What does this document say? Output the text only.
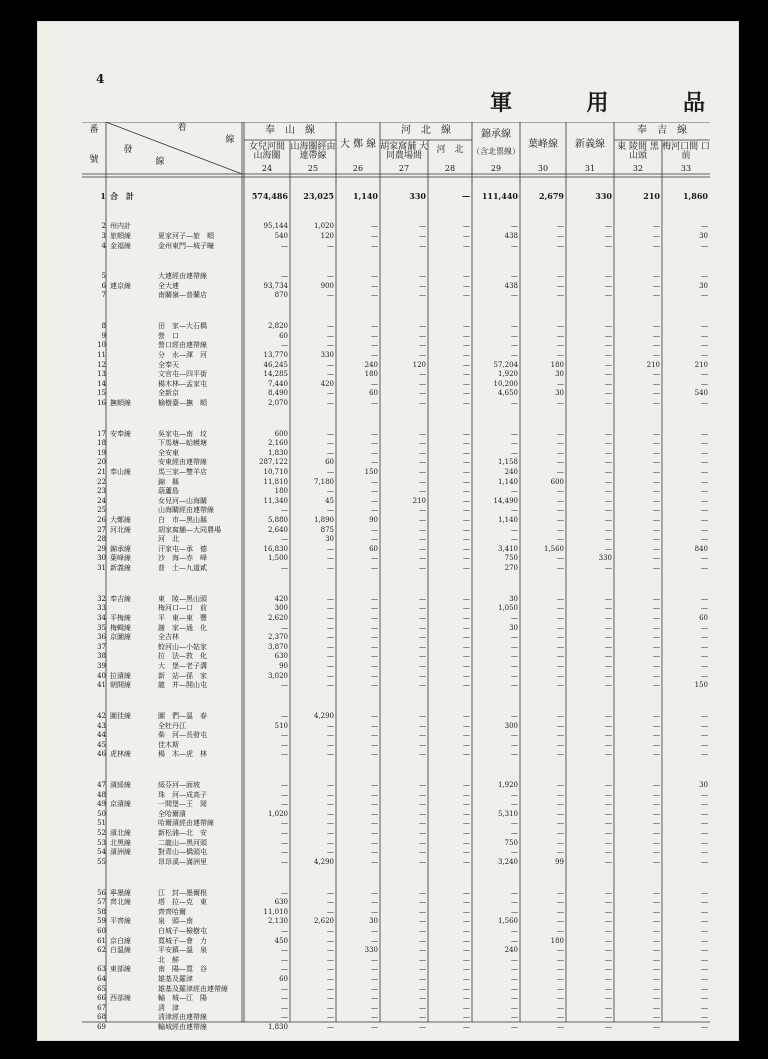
4
軍	用	品
番
號
着
線
發
線
奉　山　線
大 鄭 線
河　北　線	錦承線
葉峰線	新義線
奉　吉　線
女兒河間 山海關
山海關經由 連帶線
胡家窩舗 大同農場間
河　北	（含北票線）	東 陵間 黑山頭
梅河口間 口 前
24	25	26	27	28	29	30	31	32	33
1 合　計	574,486	23,025	1,140	330	—	111,440	2,679	330	210	1,860
2 州内計	95,144	1,020	—	—	—	—	—	—	—	—
3 旅順線	夏家河子—旅　順	540	120	—	—	—	438	—	—	—	30
4 金福線	金州東門—城子疃	—	—	—	—	—	—	—	—	—	—
5	大連經由連帶線	—	—	—	—	—	—	—	—	—	—
6 連京線	全大連	93,734	900	—	—	—	438	—	—	—	30
7	南關嶺—普蘭店	870	—	—	—	—	—	—	—	—	—
8	田　家—大石橋	2,820	—	—	—	—	—	—	—	—	—
9	營　口	60	—	—	—	—	—	—	—	—	—
10	營口經由連帶線	—	—	—	—	—	—	—	—	—	—
11	分　水—渾　河	13,770	330	—	—	—	—	—	—	—	—
12	全奉天	46,245	—	240	120	—	57,204	180	—	210	210
13	文官屯—四平街	14,285	—	180	—	—	1,920	30	—	—	—
14	楊木林—孟家屯	7,440	420	—	—	—	10,200	—	—	—	—
15	全新京	8,490	—	60	—	—	4,650	30	—	—	540
16 撫順線	榆樹臺—撫　順	2,070	—	—	—	—	—	—	—	—	—
17 安奉線	吳家屯—南　坟	600	—	—	—	—	—	—	—	—	—
18	下馬塘—蛤蟆塘	2,160	—	—	—	—	—	—	—	—	—
19	全安東	1,830	—	—	—	—	—	—	—	—	—
20	安東經由連帶線	287,122	60	—	—	—	1,158	—	—	—	—
21 奉山線	馬三家—雙羊店	10,710	—	150	—	—	240	—	—	—	—
22	錦　縣	11,810	7,180	—	—	—	1,140	600	—	—	—
23	葫蘆島	180	—	—	—	—	—	—	—	—	—
24	女兒河—山海關	11,340	45	—	210	—	14,490	—	—	—	—
25	山海關經由連帶線	—	—	—	—	—	—	—	—	—	—
26 大鄭線	白　市—黑山縣	5,880	1,890	90	—	—	1,140	—	—	—	—
27 河北線	胡家窩舗—大同農場	2,640	875	—	—	—	—	—	—	—	—
28	河　北	—	30	—	—	—	—	—	—	—	—
29 錦承線	汗家屯—承　德	16,830	—	60	—	—	3,410	1,560	—	—	840
30 葉峰線	沙　海—赤　峰	1,500	—	—	—	—	750	—	330	—	—
31 新義線	普　土—九道貳	—	—	—	—	—	270	—	—	—	—
32 奉吉線	東　陵—黑山頭	420	—	—	—	—	30	—	—	—	—
33	梅河口—口　前	300	—	—	—	—	1,050	—	—	—	—
34 平梅線	平　東—東　豐	2,620	—	—	—	—	—	—	—	—	60
35 梅輯線	謝　家—通　化	—	—	—	—	—	30	—	—	—	—
36 京圖線	全吉林	2,370	—	—	—	—	—	—	—	—	—
37	蛟河山—小姑家	3,870	—	—	—	—	—	—	—	—	—
38	拉　法—敦　化	630	—	—	—	—	—	—	—	—	—
39	大　堡—老子溝	90	—	—	—	—	—	—	—	—	—
40 拉濱線	新　站—孫　家	3,020	—	—	—	—	—	—	—	—	—
41 朝開線	龍　井—開山屯	—	—	—	—	—	—	—	—	—	150
42 圖佳線	圖　們—溫　春	—	4,290	—	—	—	—	—	—	—	—
43	全牡丹江	510	—	—	—	—	300	—	—	—	—
44	柴　河—長發屯	—	—	—	—	—	—	—	—	—	—
45	佳木斯	—	—	—	—	—	—	—	—	—	—
46 虎林線	楊　木—虎　林	—	—	—	—	—	—	—	—	—	—
47 濱綏線	綏芬河—面坡	—	—	—	—	—	1,920	—	—	—	30
48	珠　河—成高子	—	—	—	—	—	—	—	—	—	—
49 京濱線	一間堡—王　岡	—	—	—	—	—	—	—	—	—	—
50	全哈爾濱	1,020	—	—	—	—	5,310	—	—	—	—
51	哈爾濱經由連帶線	—	—	—	—	—	—	—	—	—	—
52 濱北線	新松浦—北　安	—	—	—	—	—	—	—	—	—	—
53 北黑線	二龍山—黑河頭	—	—	—	—	—	750	—	—	—	—
54 濱洲線	對青山—橋頭屯	—	—	—	—	—	—	—	—	—	—
55	昂昂溪—滿洲里	—	4,290	—	—	—	3,240	99	—	—	—
56 寧墨線	江　封—墨爾根	—	—	—	—	—	—	—	—	—	—
57 齊北線	塔　拉—克　東	630	—	—	—	—	—	—	—	—	—
58	齊齊哈爾	11,010	—	—	—	—	—	—	—	—	—
59 平齊線	泉　頭—南	2,130	2,620	30	—	—	1,560	—	—	—	—
60	白城子—檢樹屯	—	—	—	—	—	—	—	—	—	—
61 京白線	寬城子—會　力	450	—	—	—	—	—	180	—	—	—
62 白溫線	平安鎮—溫　泉	—	—	330	—	—	240	—	—	—	—
北　鮮	—	—	—	—	—	—	—	—	—	—
63 東部線	南　陽—寬　谷	—	—	—	—	—	—	—	—	—	—
64	雄基及羅津	60	—	—	—	—	—	—	—	—	—
65	雄基及羅津經由連帶線	—	—	—	—	—	—	—	—	—	—
66 西部線	輸　城—江　陽	—	—	—	—	—	—	—	—	—	—
67	淸　津	—	—	—	—	—	—	—	—	—	—
68	淸津經由連帶線	—	—	—	—	—	—	—	—	—	—
69	輸城經由連帶線	1,830	—	—	—	—	—	—	—	—	—
